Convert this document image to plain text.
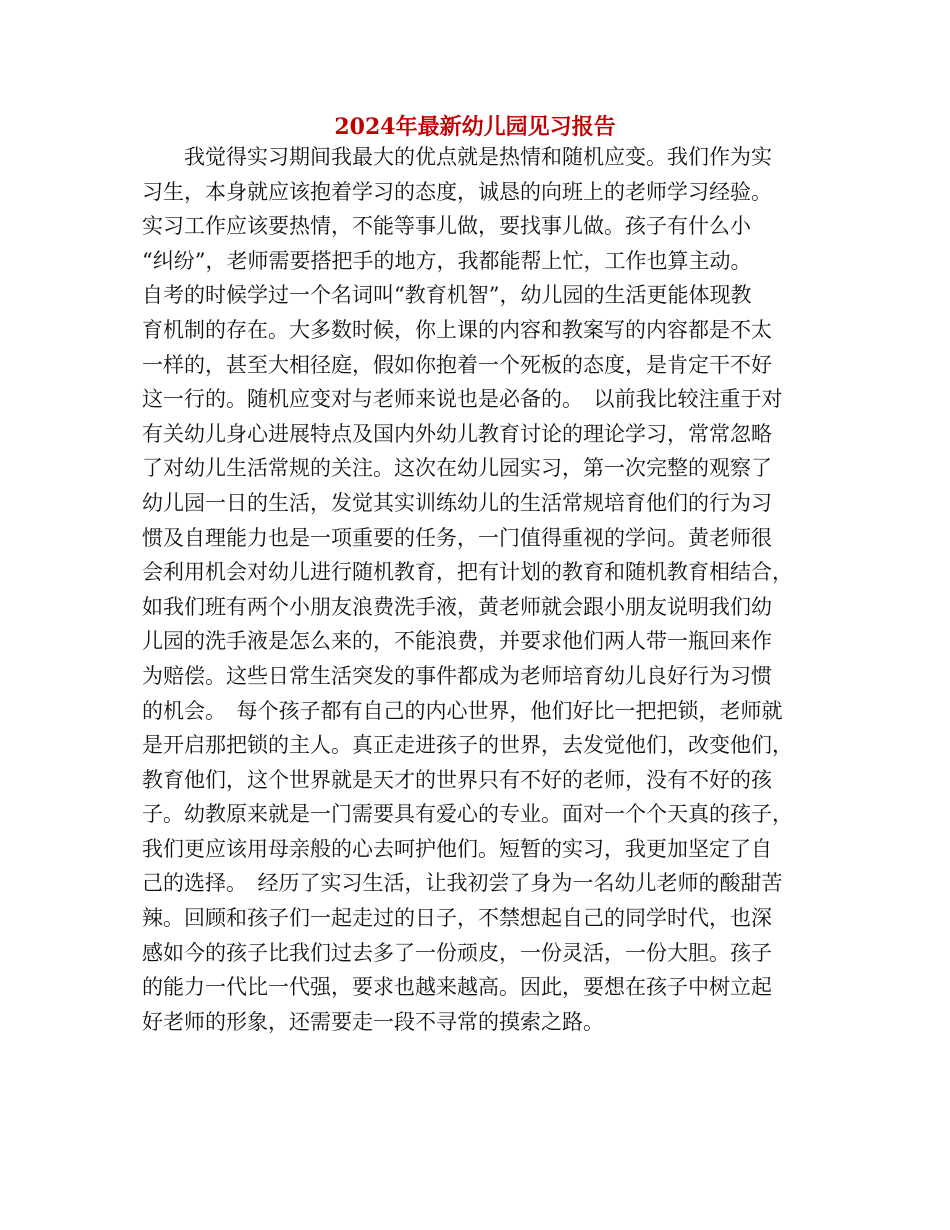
2024年最新幼儿园见习报告
　　我觉得实习期间我最大的优点就是热情和随机应变。我们作为实
习生，本身就应该抱着学习的态度，诚恳的向班上的老师学习经验。
实习工作应该要热情，不能等事儿做，要找事儿做。孩子有什么小
“纠纷”，老师需要搭把手的地方，我都能帮上忙，工作也算主动。
自考的时候学过一个名词叫“教育机智”，幼儿园的生活更能体现教
育机制的存在。大多数时候，你上课的内容和教案写的内容都是不太
一样的，甚至大相径庭，假如你抱着一个死板的态度，是肯定干不好
这一行的。随机应变对与老师来说也是必备的。　以前我比较注重于对
有关幼儿身心进展特点及国内外幼儿教育讨论的理论学习，常常忽略
了对幼儿生活常规的关注。这次在幼儿园实习，第一次完整的观察了
幼儿园一日的生活，发觉其实训练幼儿的生活常规培育他们的行为习
惯及自理能力也是一项重要的任务，一门值得重视的学问。黄老师很
会利用机会对幼儿进行随机教育，把有计划的教育和随机教育相结合，
如我们班有两个小朋友浪费洗手液，黄老师就会跟小朋友说明我们幼
儿园的洗手液是怎么来的，不能浪费，并要求他们两人带一瓶回来作
为赔偿。这些日常生活突发的事件都成为老师培育幼儿良好行为习惯
的机会。　每个孩子都有自己的内心世界，他们好比一把把锁，老师就
是开启那把锁的主人。真正走进孩子的世界，去发觉他们，改变他们，
教育他们，这个世界就是天才的世界只有不好的老师，没有不好的孩
子。幼教原来就是一门需要具有爱心的专业。面对一个个天真的孩子，
我们更应该用母亲般的心去呵护他们。短暂的实习，我更加坚定了自
己的选择。　经历了实习生活，让我初尝了身为一名幼儿老师的酸甜苦
辣。回顾和孩子们一起走过的日子，不禁想起自己的同学时代，也深
感如今的孩子比我们过去多了一份顽皮，一份灵活，一份大胆。孩子
的能力一代比一代强，要求也越来越高。因此，要想在孩子中树立起
好老师的形象，还需要走一段不寻常的摸索之路。
